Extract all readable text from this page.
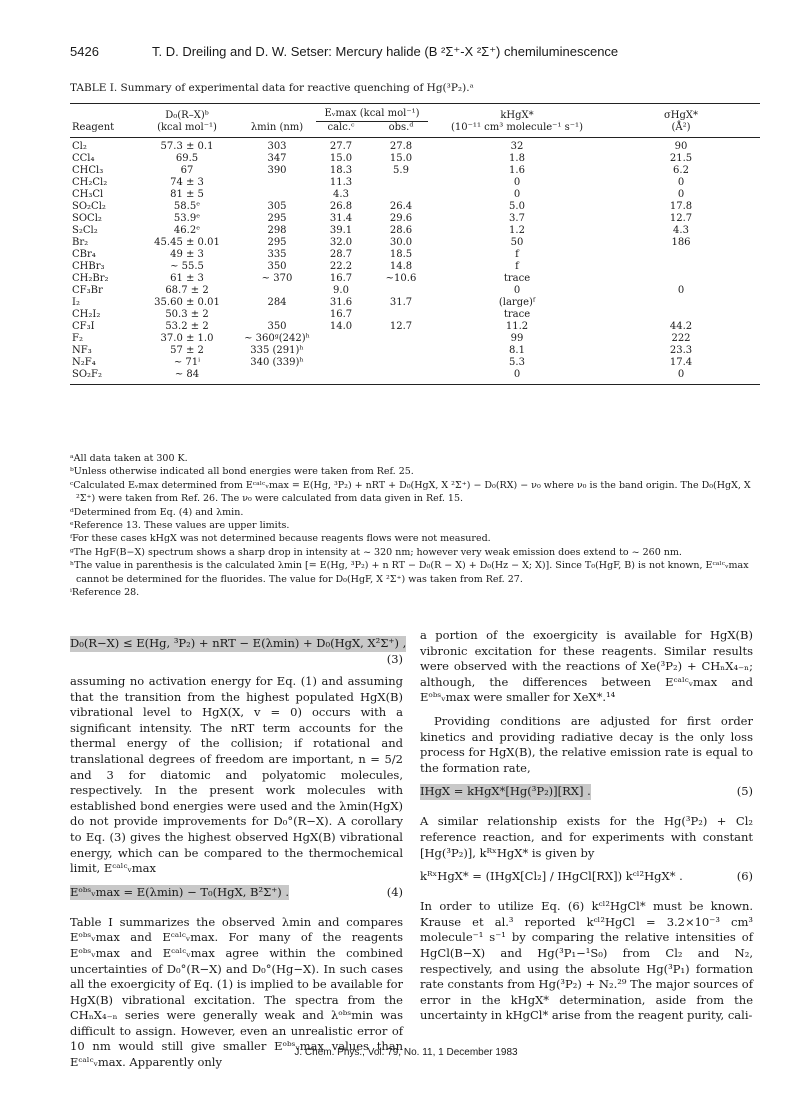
5426	T. D. Dreiling and D. W. Setser: Mercury halide (B ²Σ⁺-X ²Σ⁺) chemiluminescence
TABLE I. Summary of experimental data for reactive quenching of Hg(³P₂).ᵃ
	D₀(R–X)ᵇ		Eᵥmax (kcal mol⁻¹)		kHgX*	σHgX*
Reagent	(kcal mol⁻¹)	λmin (nm)	calc.ᶜ	obs.ᵈ	(10⁻¹¹ cm³ molecule⁻¹ s⁻¹)	(Å²)
Cl₂	57.3 ± 0.1	303	27.7	27.8	32	90
CCl₄	69.5	347	15.0	15.0	1.8	21.5
CHCl₃	67	390	18.3	5.9	1.6	6.2
CH₂Cl₂	74 ± 3		11.3		0	0
CH₃Cl	81 ± 5		4.3		0	0
SO₂Cl₂	58.5ᵉ	305	26.8	26.4	5.0	17.8
SOCl₂	53.9ᵉ	295	31.4	29.6	3.7	12.7
S₂Cl₂	46.2ᵉ	298	39.1	28.6	1.2	4.3
Br₂	45.45 ± 0.01	295	32.0	30.0	50	186
CBr₄	49 ± 3	335	28.7	18.5	f	
CHBr₃	~ 55.5	350	22.2	14.8	f	
CH₂Br₂	61 ± 3	~ 370	16.7	~10.6	trace	
CF₃Br	68.7 ± 2		9.0		0	0
I₂	35.60 ± 0.01	284	31.6	31.7	(large)ᶠ	
CH₂I₂	50.3 ± 2		16.7		trace	
CF₃I	53.2 ± 2	350	14.0	12.7	11.2	44.2
F₂	37.0 ± 1.0	~ 360ᵍ(242)ʰ			99	222
NF₃	57 ± 2	335 (291)ʰ			8.1	23.3
N₂F₄	~ 71ⁱ	340 (339)ʰ			5.3	17.4
SO₂F₂	~ 84				0	0

ᵃAll data taken at 300 K.

ᵇUnless otherwise indicated all bond energies were taken from Ref. 25.

ᶜCalculated Eᵥmax determined from Eᶜᵃˡᶜᵥmax = E(Hg, ³P₂) + nRT + D₀(HgX, X ²Σ⁺) − D₀(RX) − ν₀ where ν₀ is the band origin. The D₀(HgX, X ²Σ⁺) were taken from Ref. 26. The ν₀ were calculated from data given in Ref. 15.

ᵈDetermined from Eq. (4) and λmin.

ᵉReference 13. These values are upper limits.

ᶠFor these cases kHgX was not determined because reagents flows were not measured.

ᵍThe HgF(B−X) spectrum shows a sharp drop in intensity at ~ 320 nm; however very weak emission does extend to ~ 260 nm.

ʰThe value in parenthesis is the calculated λmin [= E(Hg, ³P₂) + n RT − D₀(R − X) + D₀(Hz − X; X)]. Since T₀(HgF, B) is not known, Eᶜᵃˡᶜᵥmax cannot be determined for the fluorides. The value for D₀(HgF, X ²Σ⁺) was taken from Ref. 27.

ⁱReference 28.

D₀(R−X) ≤ E(Hg, ³P₂) + nRT − E(λmin) + D₀(HgX, X²Σ⁺) ,
(3)

assuming no activation energy for Eq. (1) and assuming that the transition from the highest populated HgX(B) vibrational level to HgX(X, v = 0) occurs with a significant intensity. The nRT term accounts for the thermal energy of the collision; if rotational and translational degrees of freedom are important, n = 5/2 and 3 for diatomic and polyatomic molecules, respectively. In the present work molecules with established bond energies were used and the λmin(HgX) do not provide improvements for D₀°(R−X). A corollary to Eq. (3) gives the highest observed HgX(B) vibrational energy, which can be compared to the thermochemical limit, Eᶜᵃˡᶜᵥmax

Eᵒᵇˢᵥmax = E(λmin) − T₀(HgX, B²Σ⁺) .	(4)

Table I summarizes the observed λmin and compares Eᵒᵇˢᵥmax and Eᶜᵃˡᶜᵥmax. For many of the reagents Eᵒᵇˢᵥmax and Eᶜᵃˡᶜᵥmax agree within the combined uncertainties of D₀°(R−X) and D₀°(Hg−X). In such cases all the exoergicity of Eq. (1) is implied to be available for HgX(B) vibrational excitation. The spectra from the CHₙX₄₋ₙ series were generally weak and λᵒᵇˢmin was difficult to assign. However, even an unrealistic error of 10 nm would still give smaller Eᵒᵇˢᵥmax values than Eᶜᵃˡᶜᵥmax. Apparently only

a portion of the exoergicity is available for HgX(B) vibronic excitation for these reagents. Similar results were observed with the reactions of Xe(³P₂) + CHₙX₄₋ₙ; although, the differences between Eᶜᵃˡᶜᵥmax and Eᵒᵇˢᵥmax were smaller for XeX*.¹⁴

Providing conditions are adjusted for first order kinetics and providing radiative decay is the only loss process for HgX(B), the relative emission rate is equal to the formation rate,

IHgX = kHgX*[Hg(³P₂)][RX] .	(5)

A similar relationship exists for the Hg(³P₂) + Cl₂ reference reaction, and for experiments with constant [Hg(³P₂)], kᴿˣHgX* is given by

kᴿˣHgX* = (IHgX[Cl₂] / IHgCl[RX]) kᶜˡ²HgX* .	(6)

In order to utilize Eq. (6) kᶜˡ²HgCl* must be known. Krause et al.³ reported kᶜˡ²HgCl = 3.2×10⁻³ cm³ molecule⁻¹ s⁻¹ by comparing the relative intensities of HgCl(B−X) and Hg(³P₁−¹S₀) from Cl₂ and N₂, respectively, and using the absolute Hg(³P₁) formation rate constants from Hg(³P₂) + N₂.²⁹ The major sources of error in the kHgX* determination, aside from the uncertainty in kHgCl* arise from the reagent purity, cali-

J. Chem. Phys., Vol. 79, No. 11, 1 December 1983
